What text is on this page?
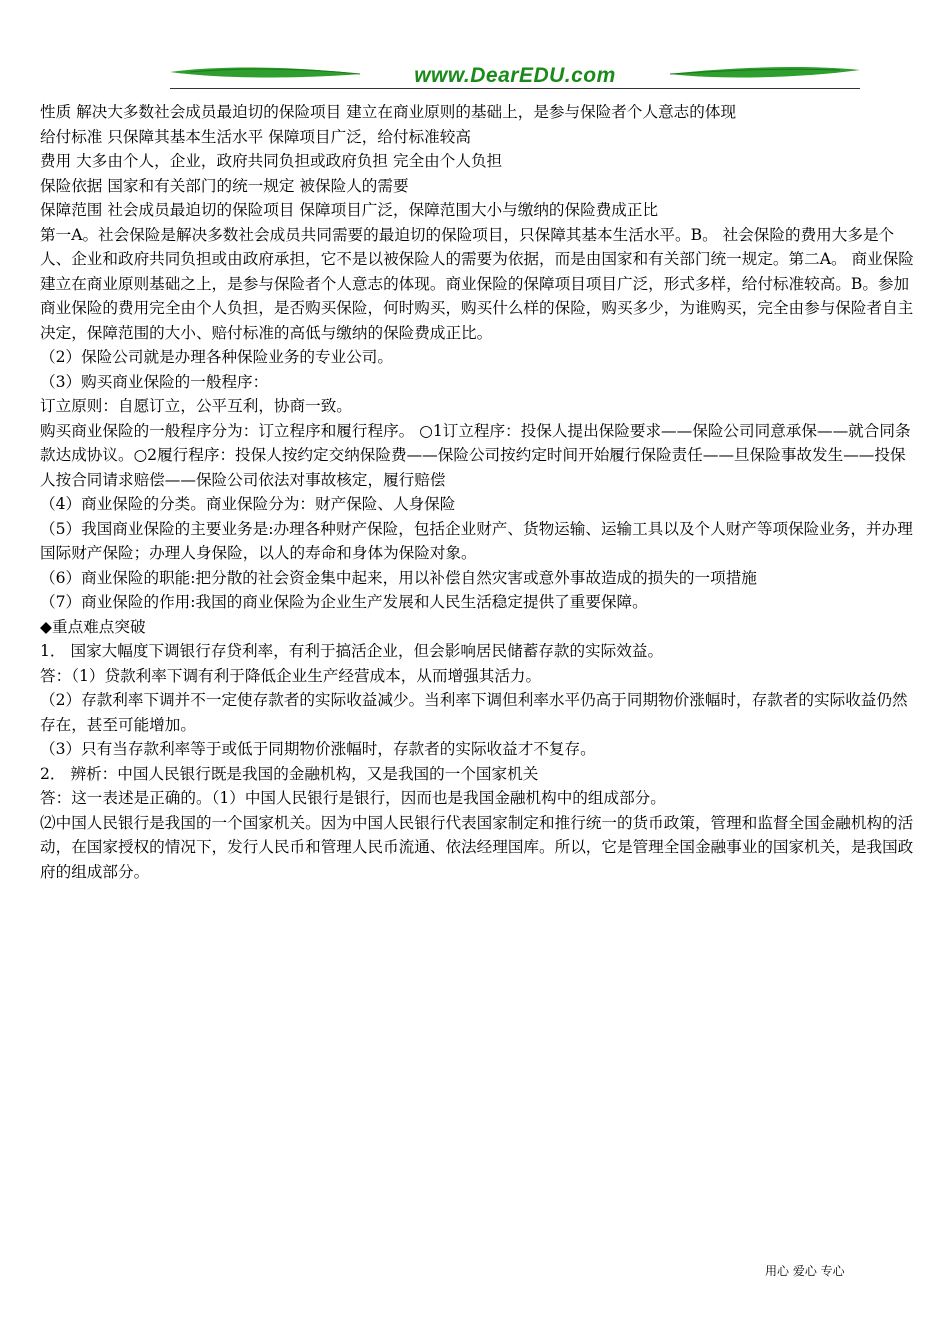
www.DearEDU.com

性质 解决大多数社会成员最迫切的保险项目 建立在商业原则的基础上，是参与保险者个人意志的体现

给付标准 只保障其基本生活水平 保障项目广泛，给付标准较高

费用 大多由个人，企业，政府共同负担或政府负担 完全由个人负担

保险依据 国家和有关部门的统一规定 被保险人的需要

保障范围 社会成员最迫切的保险项目 保障项目广泛，保障范围大小与缴纳的保险费成正比

第一A。社会保险是解决多数社会成员共同需要的最迫切的保险项目，只保障其基本生活水平。B。 社会保险的费用大多是个人、企业和政府共同负担或由政府承担，它不是以被保险人的需要为依据，而是由国家和有关部门统一规定。第二A。 商业保险建立在商业原则基础之上，是参与保险者个人意志的体现。商业保险的保障项目项目广泛，形式多样，给付标准较高。B。参加商业保险的费用完全由个人负担，是否购买保险，何时购买，购买什么样的保险，购买多少，为谁购买，完全由参与保险者自主决定，保障范围的大小、赔付标准的高低与缴纳的保险费成正比。

（2）保险公司就是办理各种保险业务的专业公司。

（3）购买商业保险的一般程序：

订立原则：自愿订立，公平互利，协商一致。

购买商业保险的一般程序分为：订立程序和履行程序。 ○1订立程序：投保人提出保险要求——保险公司同意承保——就合同条款达成协议。○2履行程序：投保人按约定交纳保险费——保险公司按约定时间开始履行保险责任——旦保险事故发生——投保人按合同请求赔偿——保险公司依法对事故核定，履行赔偿

（4）商业保险的分类。商业保险分为：财产保险、人身保险

（5）我国商业保险的主要业务是:办理各种财产保险，包括企业财产、货物运输、运输工具以及个人财产等项保险业务，并办理国际财产保险；办理人身保险，以人的寿命和身体为保险对象。

（6）商业保险的职能:把分散的社会资金集中起来，用以补偿自然灾害或意外事故造成的损失的一项措施

（7）商业保险的作用:我国的商业保险为企业生产发展和人民生活稳定提供了重要保障。

◆重点难点突破

1． 国家大幅度下调银行存贷利率，有利于搞活企业，但会影响居民储蓄存款的实际效益。

答：（1）贷款利率下调有利于降低企业生产经营成本，从而增强其活力。

（2）存款利率下调并不一定使存款者的实际收益减少。当利率下调但利率水平仍高于同期物价涨幅时，存款者的实际收益仍然存在，甚至可能增加。

（3）只有当存款利率等于或低于同期物价涨幅时，存款者的实际收益才不复存。

2． 辨析：中国人民银行既是我国的金融机构，又是我国的一个国家机关

答：这一表述是正确的。（1）中国人民银行是银行，因而也是我国金融机构中的组成部分。

⑵中国人民银行是我国的一个国家机关。因为中国人民银行代表国家制定和推行统一的货币政策，管理和监督全国金融机构的活动，在国家授权的情况下，发行人民币和管理人民币流通、依法经理国库。所以，它是管理全国金融事业的国家机关，是我国政府的组成部分。

用心 爱心 专心
